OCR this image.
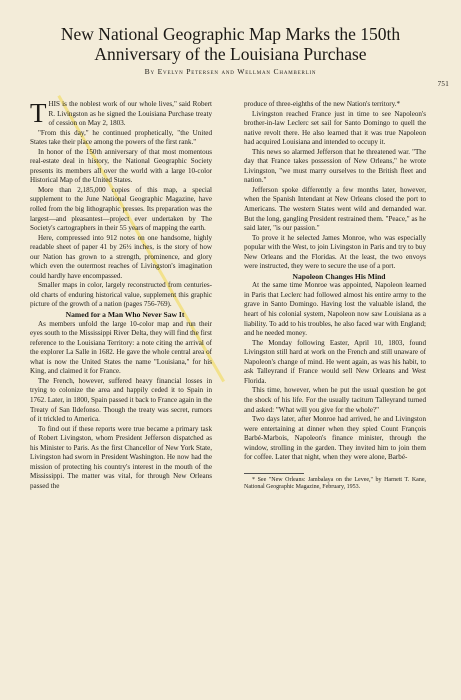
New National Geographic Map Marks the 150th Anniversary of the Louisiana Purchase
By Evelyn Petersen and Wellman Chamberlin
751

THIS is the noblest work of our whole lives," said Robert R. Livingston as he signed the Louisiana Purchase treaty of cession on May 2, 1803.

"From this day," he continued prophetically, "the United States take their place among the powers of the first rank."

In honor of the 150th anniversary of that most momentous real-estate deal in history, the National Geographic Society presents its members all over the world with a large 10-color Historical Map of the United States.

More than 2,185,000 copies of this map, a special supplement to the June National Geographic Magazine, have rolled from the big lithographic presses. Its preparation was the largest—and pleasantest—project ever undertaken by The Society's cartographers in their 55 years of mapping the earth.

Here, compressed into 912 notes on one handsome, highly readable sheet of paper 41 by 26½ inches, is the story of how our Nation has grown to a strength, prominence, and glory which even the outermost reaches of Livingston's imagination could hardly have encompassed.

Smaller maps in color, largely reconstructed from centuries-old charts of enduring historical value, supplement this graphic picture of the growth of a nation (pages 756-769).

Named for a Man Who Never Saw It

As members unfold the large 10-color map and run their eyes south to the Mississippi River Delta, they will find the first reference to the Louisiana Territory: a note citing the arrival of the explorer La Salle in 1682. He gave the whole central area of what is now the United States the name "Louisiana," for his King, and claimed it for France.

The French, however, suffered heavy financial losses in trying to colonize the area and happily ceded it to Spain in 1762. Later, in 1800, Spain passed it back to France again in the Treaty of San Ildefonso. Though the treaty was secret, rumors of it trickled to America.

To find out if these reports were true became a primary task of Robert Livingston, whom President Jefferson dispatched as his Minister to Paris. As the first Chancellor of New York State, Livingston had sworn in President Washington. He now had the mission of protecting his country's interest in the mouth of the Mississippi. The matter was vital, for through New Orleans passed the

produce of three-eighths of the new Nation's territory.*

Livingston reached France just in time to see Napoleon's brother-in-law Leclerc set sail for Santo Domingo to quell the native revolt there. He also learned that it was true Napoleon had acquired Louisiana and intended to occupy it.

This news so alarmed Jefferson that he threatened war. "The day that France takes possession of New Orleans," he wrote Livingston, "we must marry ourselves to the British fleet and nation."

Jefferson spoke differently a few months later, however, when the Spanish Intendant at New Orleans closed the port to Americans. The western States went wild and demanded war. But the long, gangling President restrained them. "Peace," as he said later, "is our passion."

To prove it he selected James Monroe, who was especially popular with the West, to join Livingston in Paris and try to buy New Orleans and the Floridas. At the least, the two envoys were instructed, they were to secure the use of a port.

Napoleon Changes His Mind

At the same time Monroe was appointed, Napoleon learned in Paris that Leclerc had followed almost his entire army to the grave in Santo Domingo. Having lost the valuable island, the heart of his colonial system, Napoleon now saw Louisiana as a liability. To add to his troubles, he also faced war with England; and he needed money.

The Monday following Easter, April 10, 1803, found Livingston still hard at work on the French and still unaware of Napoleon's change of mind. He went again, as was his habit, to ask Talleyrand if France would sell New Orleans and West Florida.

This time, however, when he put the usual question he got the shock of his life. For the usually taciturn Talleyrand turned and asked: "What will you give for the whole?"

Two days later, after Monroe had arrived, he and Livingston were entertaining at dinner when they spied Count François Barbé-Marbois, Napoleon's finance minister, through the window, strolling in the garden. They invited him to join them for coffee. Later that night, when they were alone, Barbé-

* See "New Orleans: Jambalaya on the Levee," by Harnett T. Kane, National Geographic Magazine, February, 1953.
